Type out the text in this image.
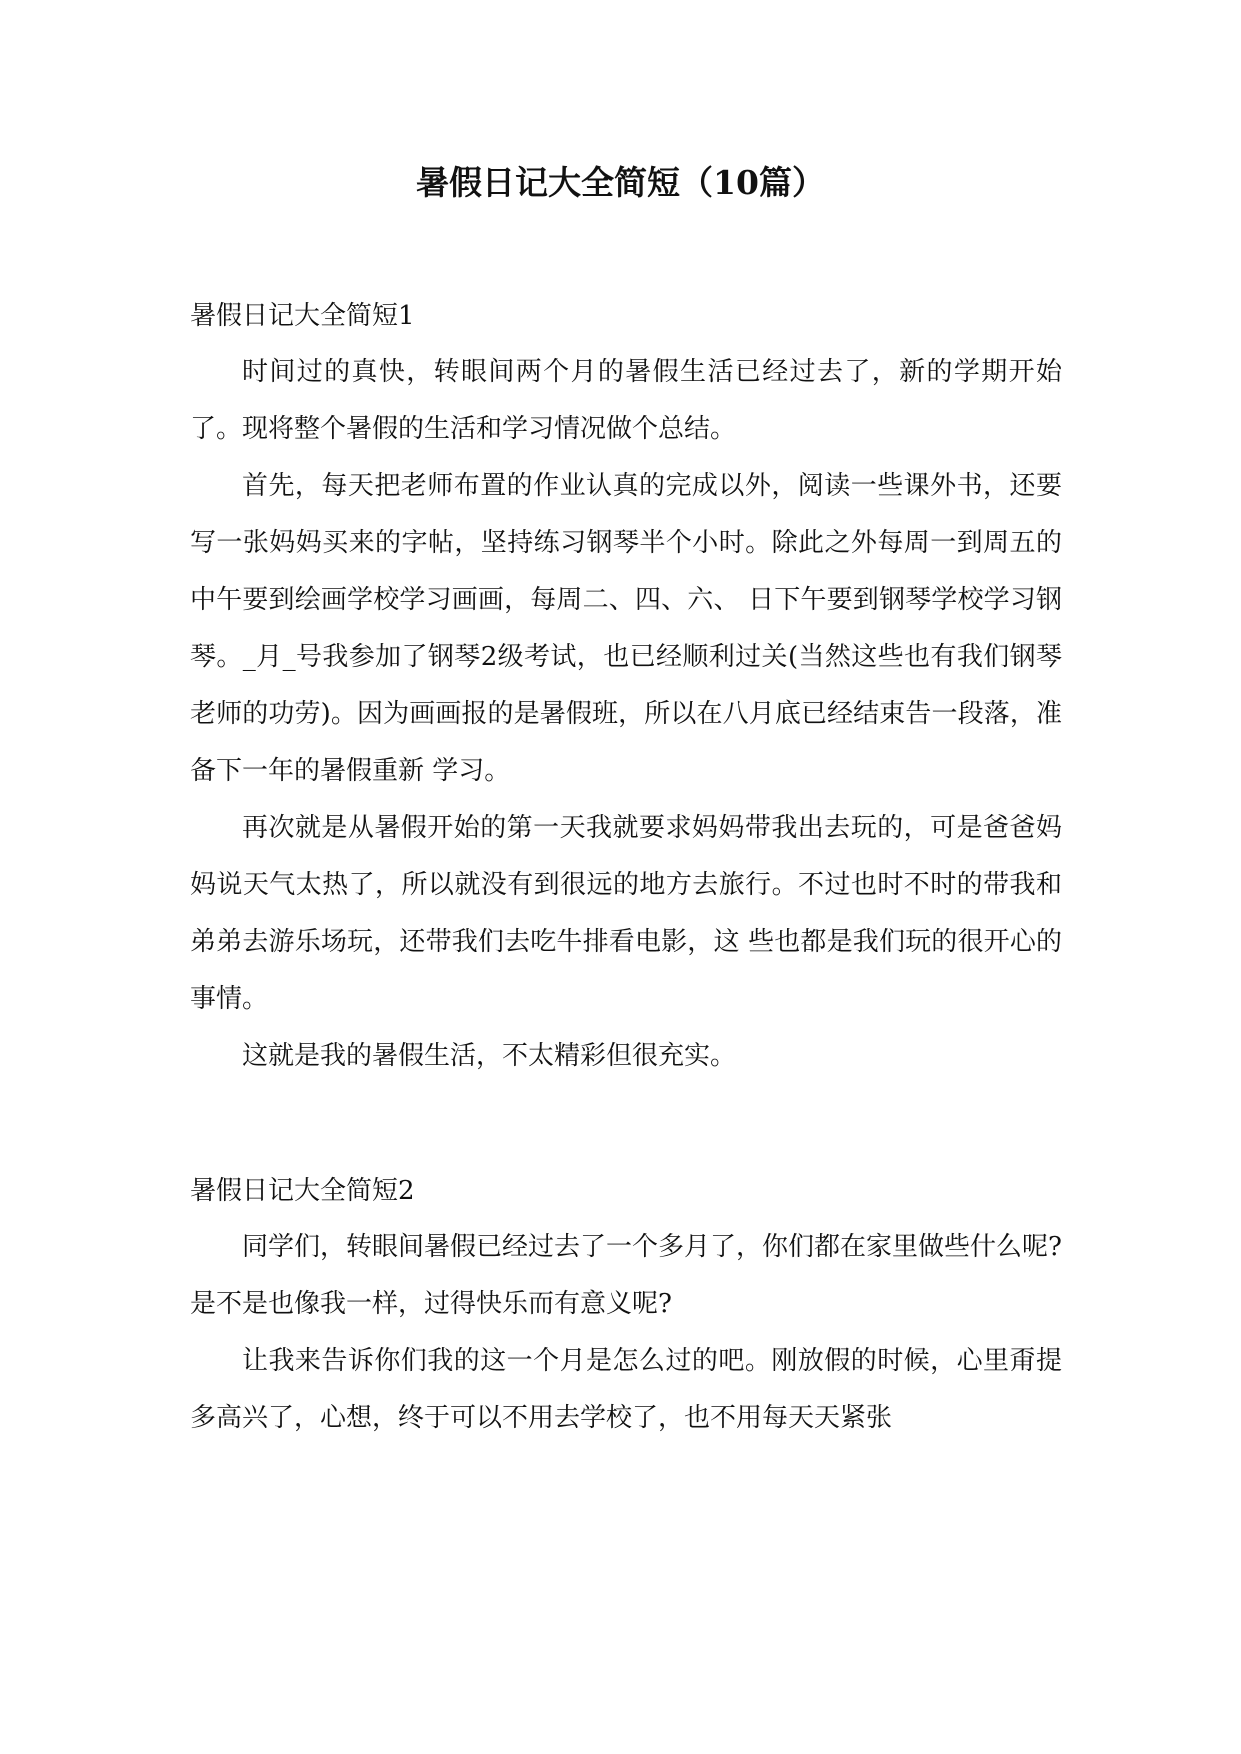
暑假日记大全简短（10篇）

暑假日记大全简短1

时间过的真快，转眼间两个月的暑假生活已经过去了，新的学期开始了。现将整个暑假的生活和学习情况做个总结。

首先，每天把老师布置的作业认真的完成以外，阅读一些课外书，还要写一张妈妈买来的字帖，坚持练习钢琴半个小时。除此之外每周一到周五的中午要到绘画学校学习画画，每周二、四、六、 日下午要到钢琴学校学习钢琴。_月_号我参加了钢琴2级考试，也已经顺利过关(当然这些也有我们钢琴老师的功劳)。因为画画报的是暑假班，所以在八月底已经结束告一段落，准备下一年的暑假重新 学习。

再次就是从暑假开始的第一天我就要求妈妈带我出去玩的，可是爸爸妈妈说天气太热了，所以就没有到很远的地方去旅行。不过也时不时的带我和弟弟去游乐场玩，还带我们去吃牛排看电影，这 些也都是我们玩的很开心的事情。

这就是我的暑假生活，不太精彩但很充实。

暑假日记大全简短2

同学们，转眼间暑假已经过去了一个多月了，你们都在家里做些什么呢?是不是也像我一样，过得快乐而有意义呢?

让我来告诉你们我的这一个月是怎么过的吧。刚放假的时候，心里甭提多高兴了，心想，终于可以不用去学校了，也不用每天天紧张
